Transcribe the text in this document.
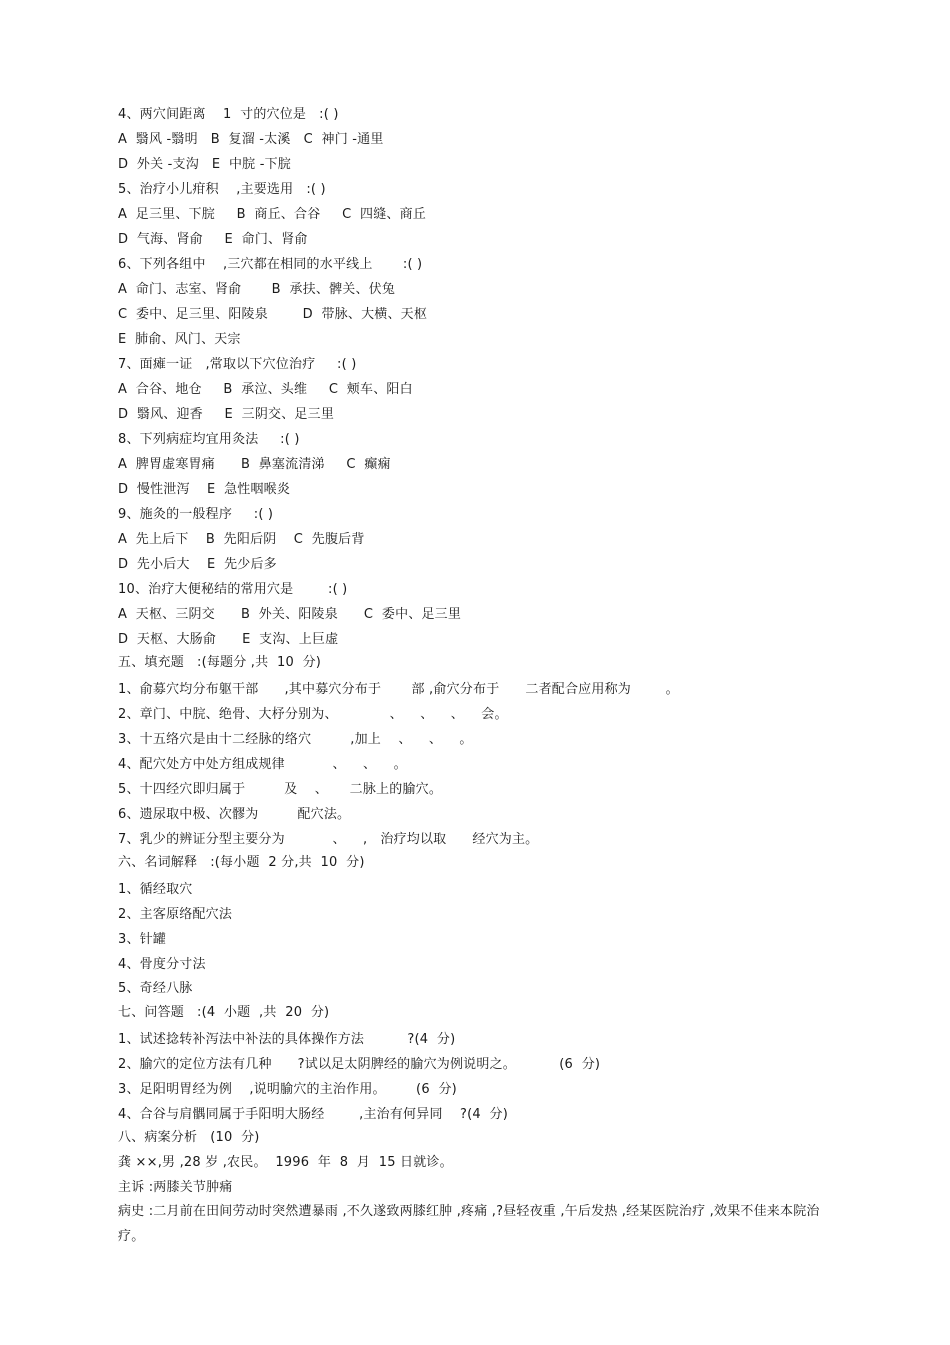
4、两穴间距离    1  寸的穴位是   :( )
A  翳风 -翳明   B  复溜 -太溪   C  神门 -通里
D  外关 -支沟   E  中脘 -下脘
5、治疗小儿疳积    ,主要选用   :( )
A  足三里、下脘     B  商丘、合谷     C  四缝、商丘
D  气海、肾俞     E  命门、肾俞
6、下列各组中    ,三穴都在相同的水平线上       :( )
A  命门、志室、肾俞       B  承扶、髀关、伏兔
C  委中、足三里、阳陵泉        D  带脉、大横、天枢
E  肺俞、风门、天宗
7、面瘫一证   ,常取以下穴位治疗     :( )
A  合谷、地仓     B  承泣、头维     C  颊车、阳白
D  翳风、迎香     E  三阴交、足三里
8、下列病症均宜用灸法     :( )
A  脾胃虚寒胃痛      B  鼻塞流清涕     C  癫痫
D  慢性泄泻    E  急性咽喉炎
9、施灸的一般程序     :( )
A  先上后下    B  先阳后阴    C  先腹后背
D  先小后大    E  先少后多
10、治疗大便秘结的常用穴是        :( )
A  天枢、三阴交      B  外关、阳陵泉      C  委中、足三里
D  天枢、大肠俞      E  支沟、上巨虚
五、填充题   :(每题分 ,共  10  分)
1、俞募穴均分布躯干部      ,其中募穴分布于       部 ,俞穴分布于      二者配合应用称为        。
2、章门、中脘、绝骨、大杼分别为、            、    、    、    会。
3、十五络穴是由十二经脉的络穴         ,加上    、    、    。
4、配穴处方中处方组成规律           、    、    。
5、十四经穴即归属于         及    、     二脉上的腧穴。
6、遗尿取中极、次髎为         配穴法。
7、乳少的辨证分型主要分为           、    ,   治疗均以取      经穴为主。
六、名词解释   :(每小题  2 分,共  10  分)
1、循经取穴
2、主客原络配穴法
3、针罐
4、骨度分寸法
5、奇经八脉
七、问答题   :(4  小题  ,共  20  分)
1、试述捻转补泻法中补法的具体操作方法          ?(4  分)
2、腧穴的定位方法有几种      ?试以足太阴脾经的腧穴为例说明之。          (6  分)
3、足阳明胃经为例    ,说明腧穴的主治作用。       (6  分)
4、合谷与肩髃同属于手阳明大肠经        ,主治有何异同    ?(4  分)
八、病案分析   (10  分)
龚 ××,男 ,28 岁 ,农民。  1996  年  8  月  15 日就诊。
主诉 :两膝关节肿痛
病史 :二月前在田间劳动时突然遭暴雨 ,不久遂致两膝红肿 ,疼痛 ,?昼轻夜重 ,午后发热 ,经某医院治疗 ,效果不佳来本院治疗。
